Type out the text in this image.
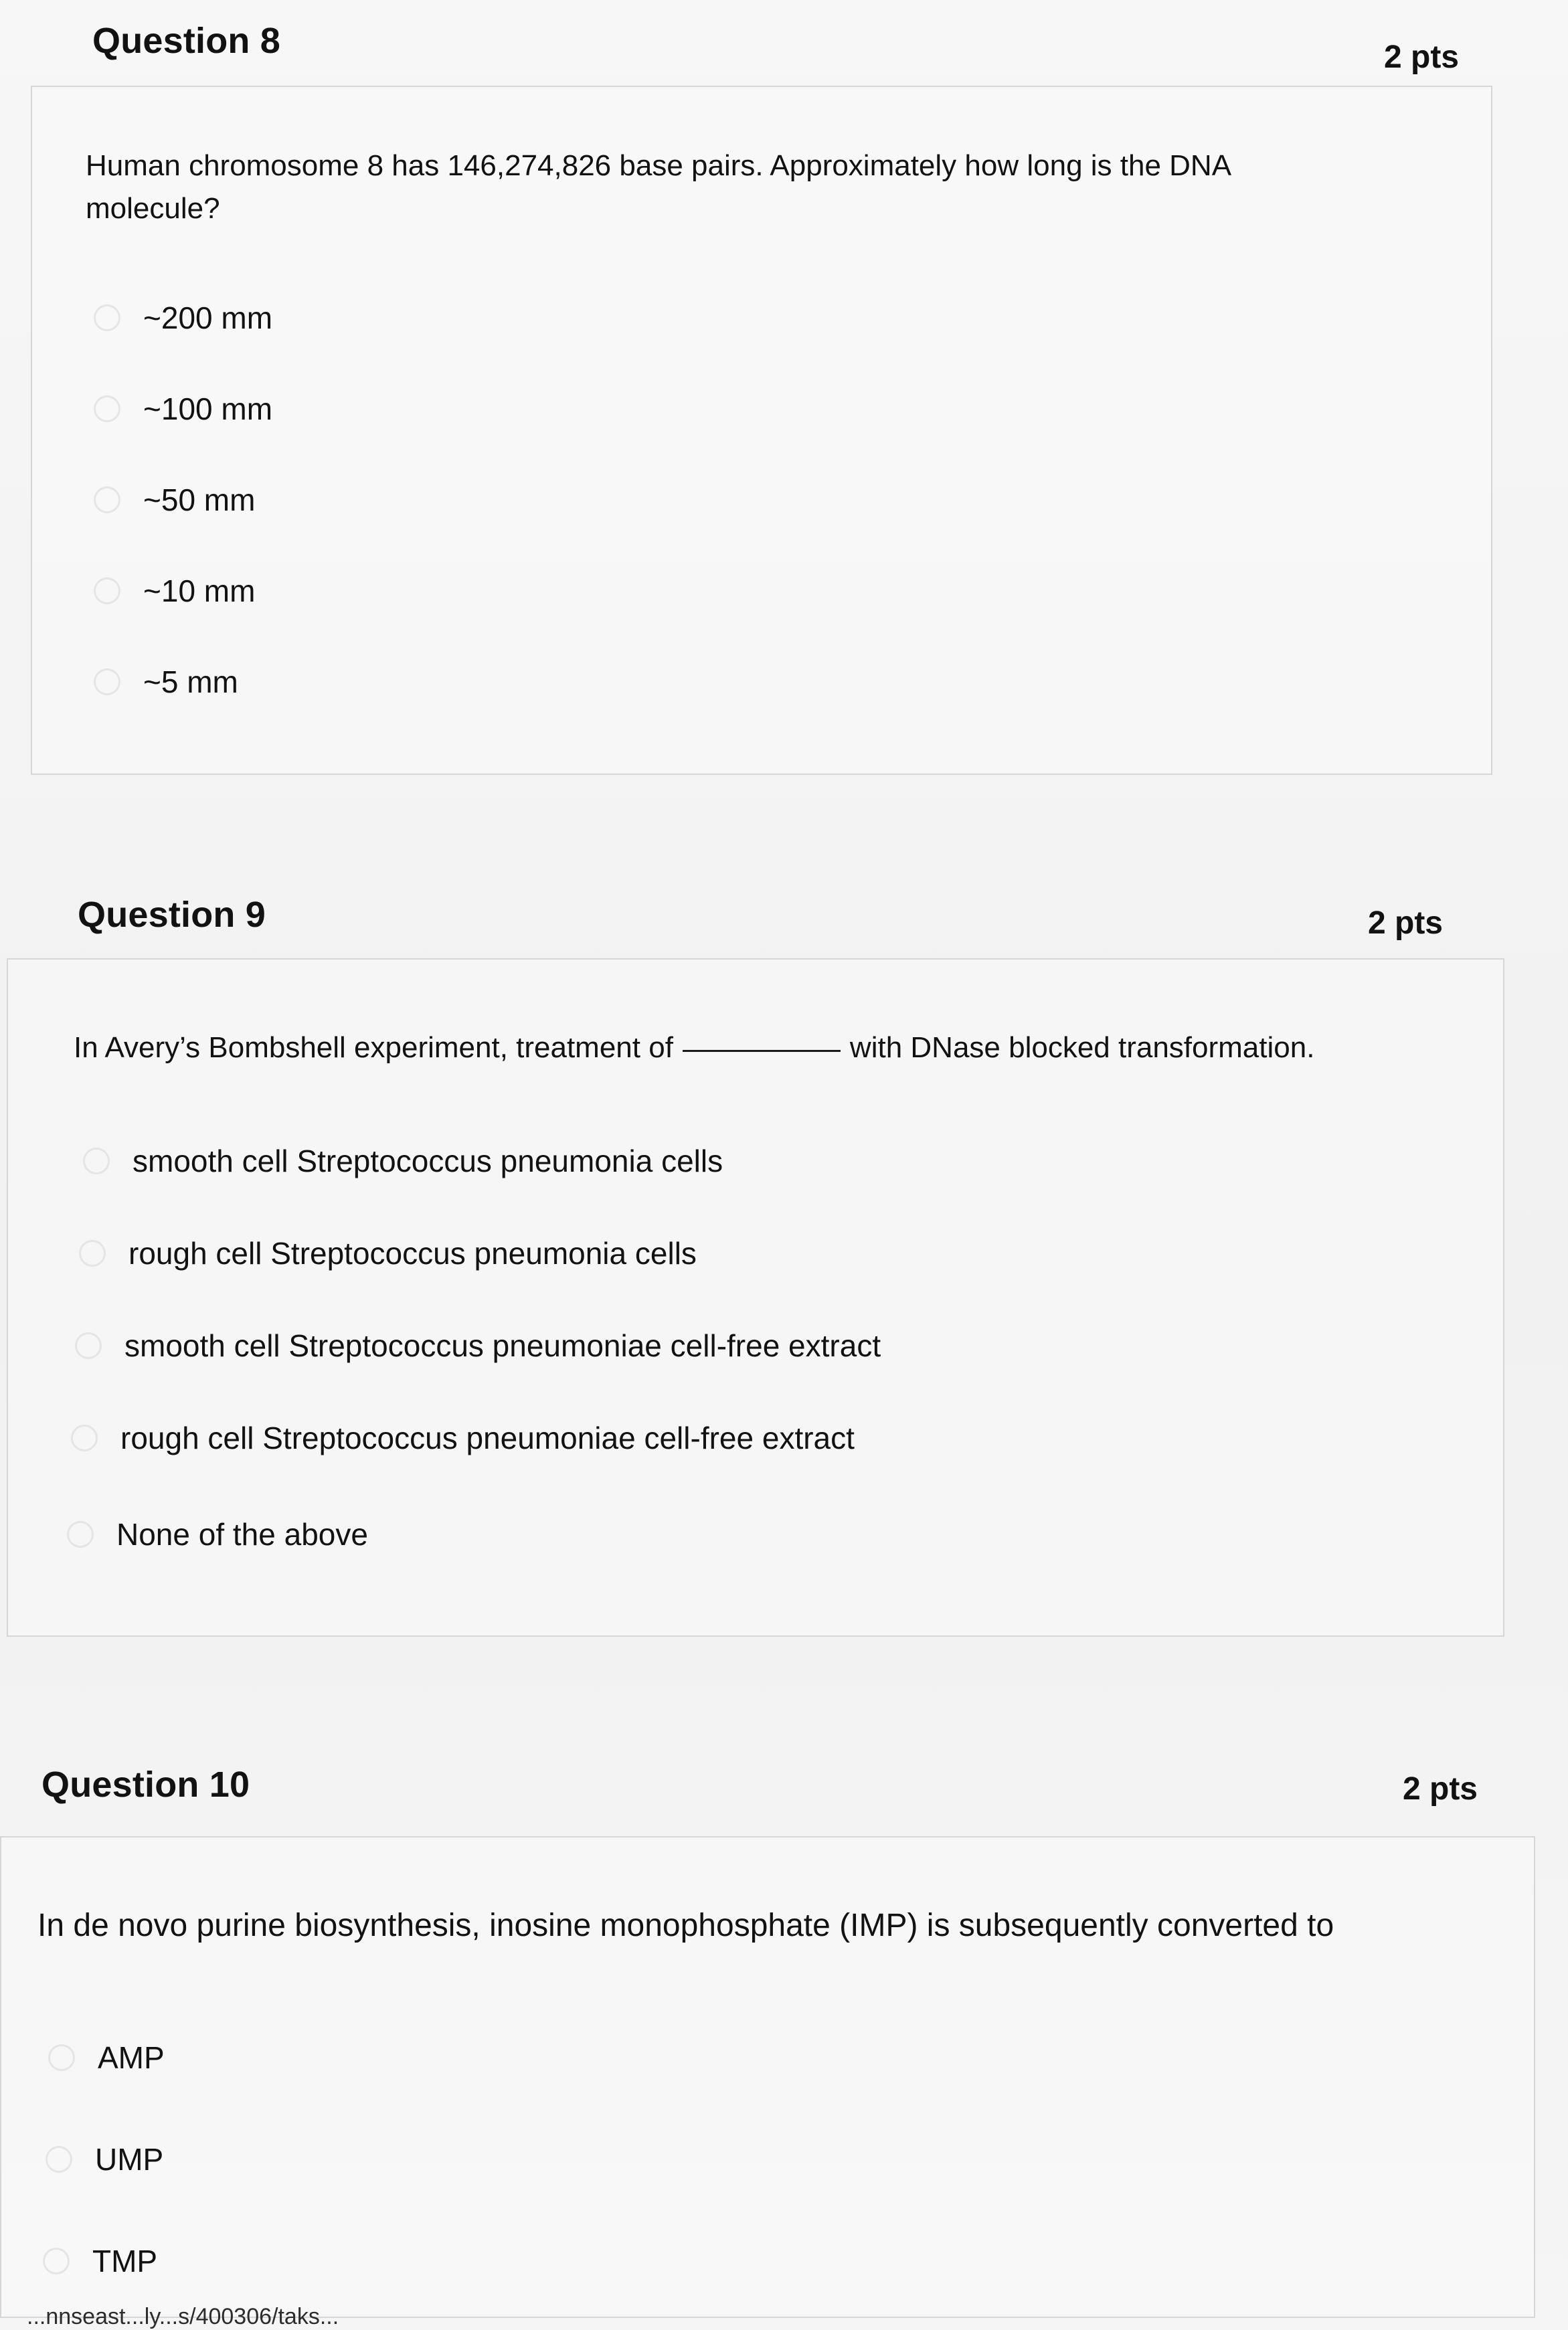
Question 8	2 pts
Human chromosome 8 has 146,274,826 base pairs. Approximately how long is the DNA
molecule?
~200 mm
~100 mm
~50 mm
~10 mm
~5 mm
Question 9	2 pts
In Avery’s Bombshell experiment, treatment of	with DNase blocked transformation.
smooth cell Streptococcus pneumonia cells
rough cell Streptococcus pneumonia cells
smooth cell Streptococcus pneumoniae cell-free extract
rough cell Streptococcus pneumoniae cell-free extract
None of the above
Question 10	2 pts
In de novo purine biosynthesis, inosine monophosphate (IMP) is subsequently converted to
AMP
UMP
TMP
...nnseast...ly...s/400306/taks...
